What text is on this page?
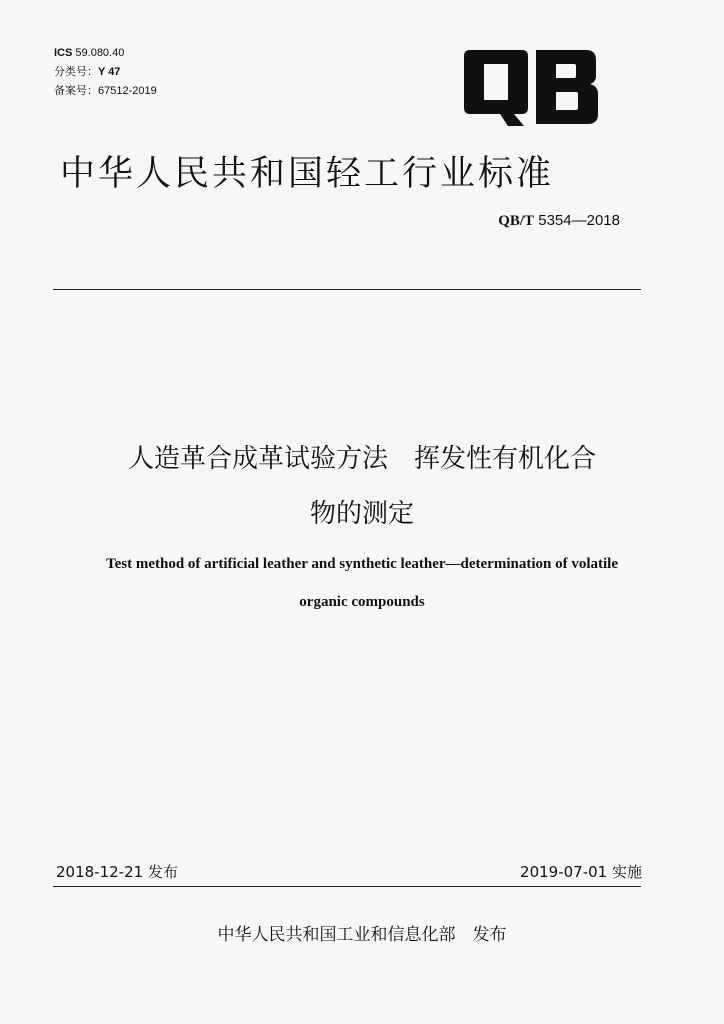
ICS 59.080.40
分类号：Y 47
备案号：67512-2019
中华人民共和国轻工行业标准
QB/T 5354—2018
人造革合成革试验方法　挥发性有机化合
物的测定
Test method of artificial leather and synthetic leather—determination of volatile
organic compounds
2018-12-21 发布	2019-07-01 实施
中华人民共和国工业和信息化部　发布
